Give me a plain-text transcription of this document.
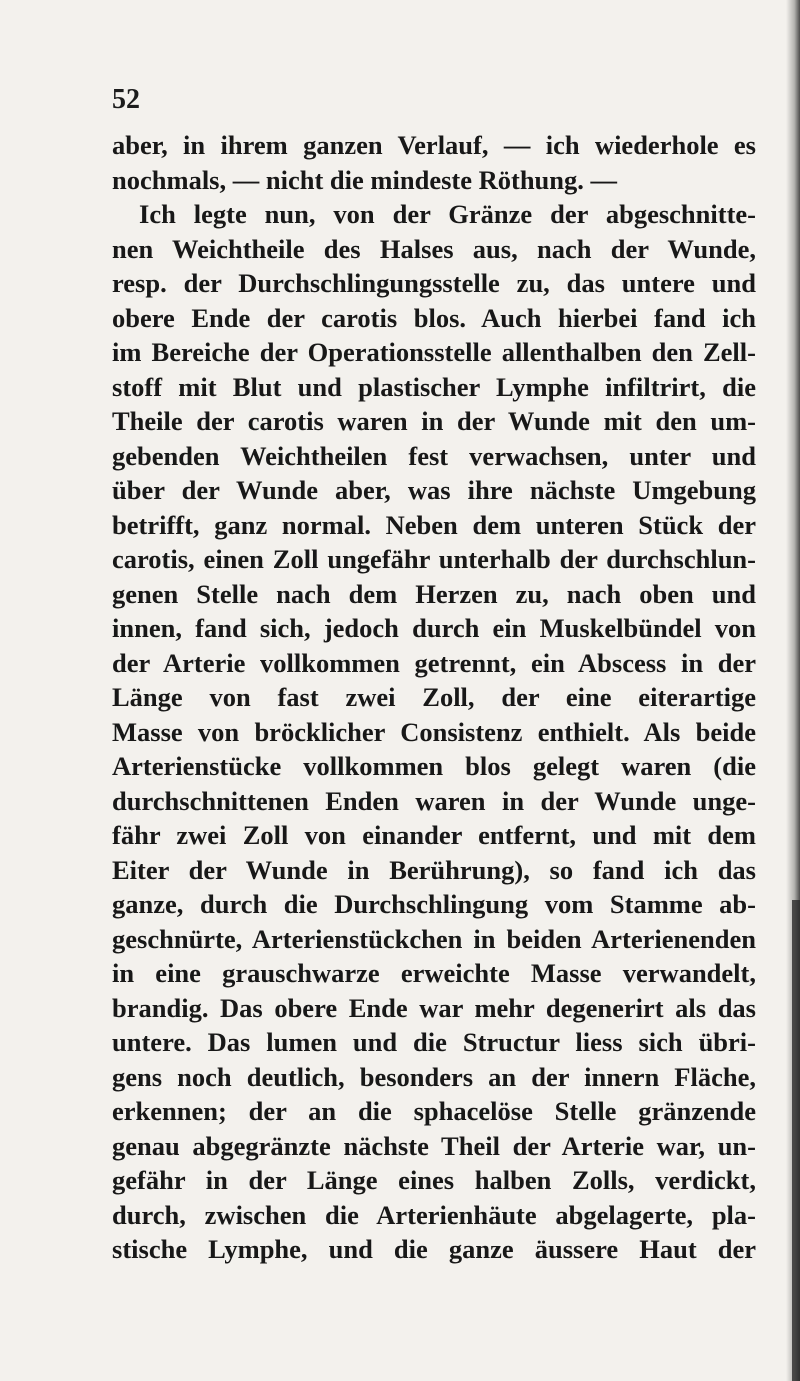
52
aber, in ihrem ganzen Verlauf, — ich wiederhole es
nochmals, — nicht die mindeste Röthung. —
Ich legte nun, von der Gränze der abgeschnitte-
nen Weichtheile des Halses aus, nach der Wunde,
resp. der Durchschlingungsstelle zu, das untere und
obere Ende der carotis blos. Auch hierbei fand ich
im Bereiche der Operationsstelle allenthalben den Zell-
stoff mit Blut und plastischer Lymphe infiltrirt, die
Theile der carotis waren in der Wunde mit den um-
gebenden Weichtheilen fest verwachsen, unter und
über der Wunde aber, was ihre nächste Umgebung
betrifft, ganz normal. Neben dem unteren Stück der
carotis, einen Zoll ungefähr unterhalb der durchschlun-
genen Stelle nach dem Herzen zu, nach oben und
innen, fand sich, jedoch durch ein Muskelbündel von
der Arterie vollkommen getrennt, ein Abscess in der
Länge von fast zwei Zoll, der eine eiterartige
Masse von bröcklicher Consistenz enthielt. Als beide
Arterienstücke vollkommen blos gelegt waren (die
durchschnittenen Enden waren in der Wunde unge-
fähr zwei Zoll von einander entfernt, und mit dem
Eiter der Wunde in Berührung), so fand ich das
ganze, durch die Durchschlingung vom Stamme ab-
geschnürte, Arterienstückchen in beiden Arterienenden
in eine grauschwarze erweichte Masse verwandelt,
brandig. Das obere Ende war mehr degenerirt als das
untere. Das lumen und die Structur liess sich übri-
gens noch deutlich, besonders an der innern Fläche,
erkennen; der an die sphacelöse Stelle gränzende
genau abgegränzte nächste Theil der Arterie war, un-
gefähr in der Länge eines halben Zolls, verdickt,
durch, zwischen die Arterienhäute abgelagerte, pla-
stische Lymphe, und die ganze äussere Haut der
